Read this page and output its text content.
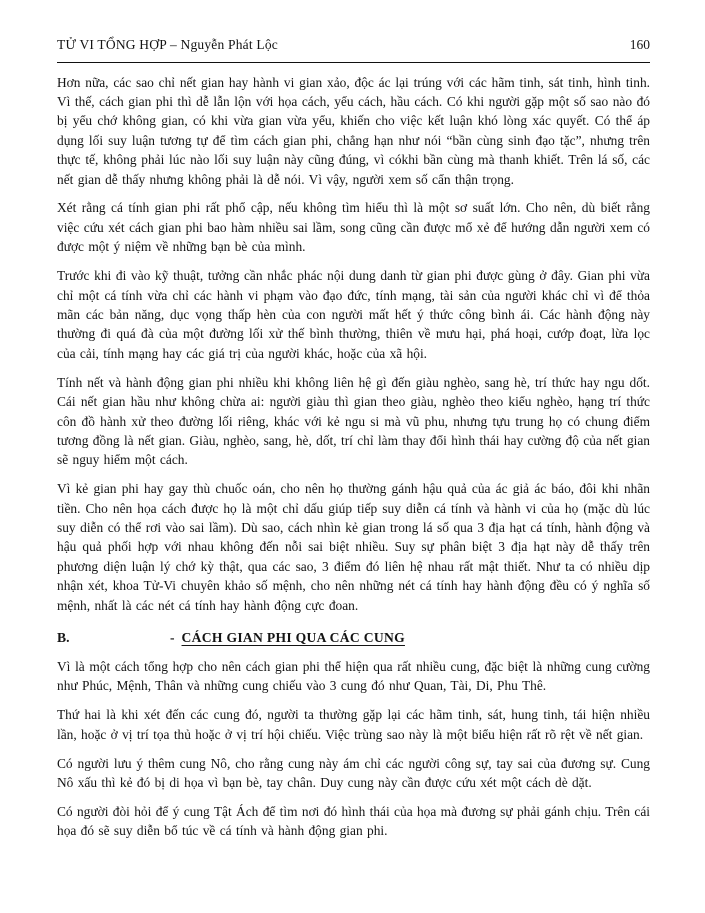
TỬ VI TỔNG HỢP – Nguyễn Phát Lộc	160

Hơn nữa, các sao chỉ nết gian hay hành vi gian xảo, độc ác lại trúng với các hãm tinh, sát tinh, hình tinh. Vì thế, cách gian phi thì dễ lẫn lộn với họa cách, yểu cách, hầu cách. Có khi người gặp một số sao nào đó bị yểu chớ không gian, có khi vừa gian vừa yểu, khiến cho việc kết luận khó lòng xác quyết. Có thể áp dụng lối suy luận tương tự để tìm cách gian phi, chẳng hạn như nói “bần cùng sinh đạo tặc”, nhưng trên thực tế, không phải lúc nào lối suy luận này cũng đúng, vì cókhi bần cùng mà thanh khiết. Trên lá số, các nết gian dễ thấy nhưng không phải là dễ nói. Vì vậy, người xem số cẩn thận trọng.

Xét rằng cá tính gian phi rất phổ cập, nếu không tìm hiểu thì là một sơ suất lớn. Cho nên, dù biết rằng việc cứu xét cách gian phi bao hàm nhiều sai lầm, song cũng cần được mổ xẻ để hướng dẫn người xem có được một ý niệm về những bạn bè của mình.

Trước khi đi vào kỹ thuật, tưởng cần nhắc phác nội dung danh từ gian phi được gùng ở đây. Gian phi vừa chỉ một cá tính vừa chỉ các hành vi phạm vào đạo đức, tính mạng, tài sản của người khác chỉ vì để thỏa mãn các bản năng, dục vọng thấp hèn của con người mất hết ý thức công bình ái. Các hành động này thường đi quá đà của một đường lối xử thế bình thường, thiên về mưu hại, phá hoại, cướp đoạt, lừa lọc của cải, tính mạng hay các giá trị của người khác, hoặc của xã hội.

Tính nết và hành động gian phi nhiều khi không liên hệ gì đến giàu nghèo, sang hè, trí thức hay ngu dốt. Cái nết gian hầu như không chừa ai: người giàu thì gian theo giàu, nghèo theo kiểu nghèo, hạng trí thức côn đồ hành xử theo đường lối riêng, khác với kẻ ngu si mà vũ phu, nhưng tựu trung họ có chung điểm tương đồng là nết gian. Giàu, nghèo, sang, hè, dốt, trí chỉ làm thay đổi hình thái hay cường độ của nết gian sẽ nguy hiểm một cách.

Vì kẻ gian phi hay gay thù chuốc oán, cho nên họ thường gánh hậu quả của ác giả ác báo, đôi khi nhãn tiền. Cho nên họa cách được họ là một chỉ dấu giúp tiếp suy diễn cá tính và hành vi của họ (mặc dù lúc suy diễn có thể rơi vào sai lầm). Dù sao, cách nhìn kẻ gian trong lá số qua 3 địa hạt cá tính, hành động và hậu quả phối hợp với nhau không đến nỗi sai biệt nhiều. Suy sự phân biệt 3 địa hạt này dễ thấy trên phương diện luận lý chớ kỳ thật, qua các sao, 3 điểm đó liên hệ nhau rất mật thiết. Như ta có nhiều dịp nhận xét, khoa Tử-Vi chuyên khảo số mệnh, cho nên những nét cá tính hay hành động đều có ý nghĩa số mệnh, nhất là các nét cá tính hay hành động cực đoan.

B.	- CÁCH GIAN PHI QUA CÁC CUNG

Vì là một cách tổng hợp cho nên cách gian phi thể hiện qua rất nhiều cung, đặc biệt là những cung cường như Phúc, Mệnh, Thân và những cung chiếu vào 3 cung đó như Quan, Tài, Di, Phu Thê.

Thứ hai là khi xét đến các cung đó, người ta thường gặp lại các hãm tinh, sát, hung tinh, tái hiện nhiều lần, hoặc ở vị trí tọa thủ hoặc ở vị trí hội chiếu. Việc trùng sao này là một biểu hiện rất rõ rệt về nết gian.

Có người lưu ý thêm cung Nô, cho rằng cung này ám chỉ các người công sự, tay sai của đương sự. Cung Nô xấu thì kẻ đó bị di họa vì bạn bè, tay chân. Duy cung này cần được cứu xét một cách dè dặt.

Có người đòi hỏi để ý cung Tật Ách để tìm nơi đó hình thái của họa mà đương sự phải gánh chịu. Trên cái họa đó sẽ suy diễn bổ túc về cá tính và hành động gian phi.
